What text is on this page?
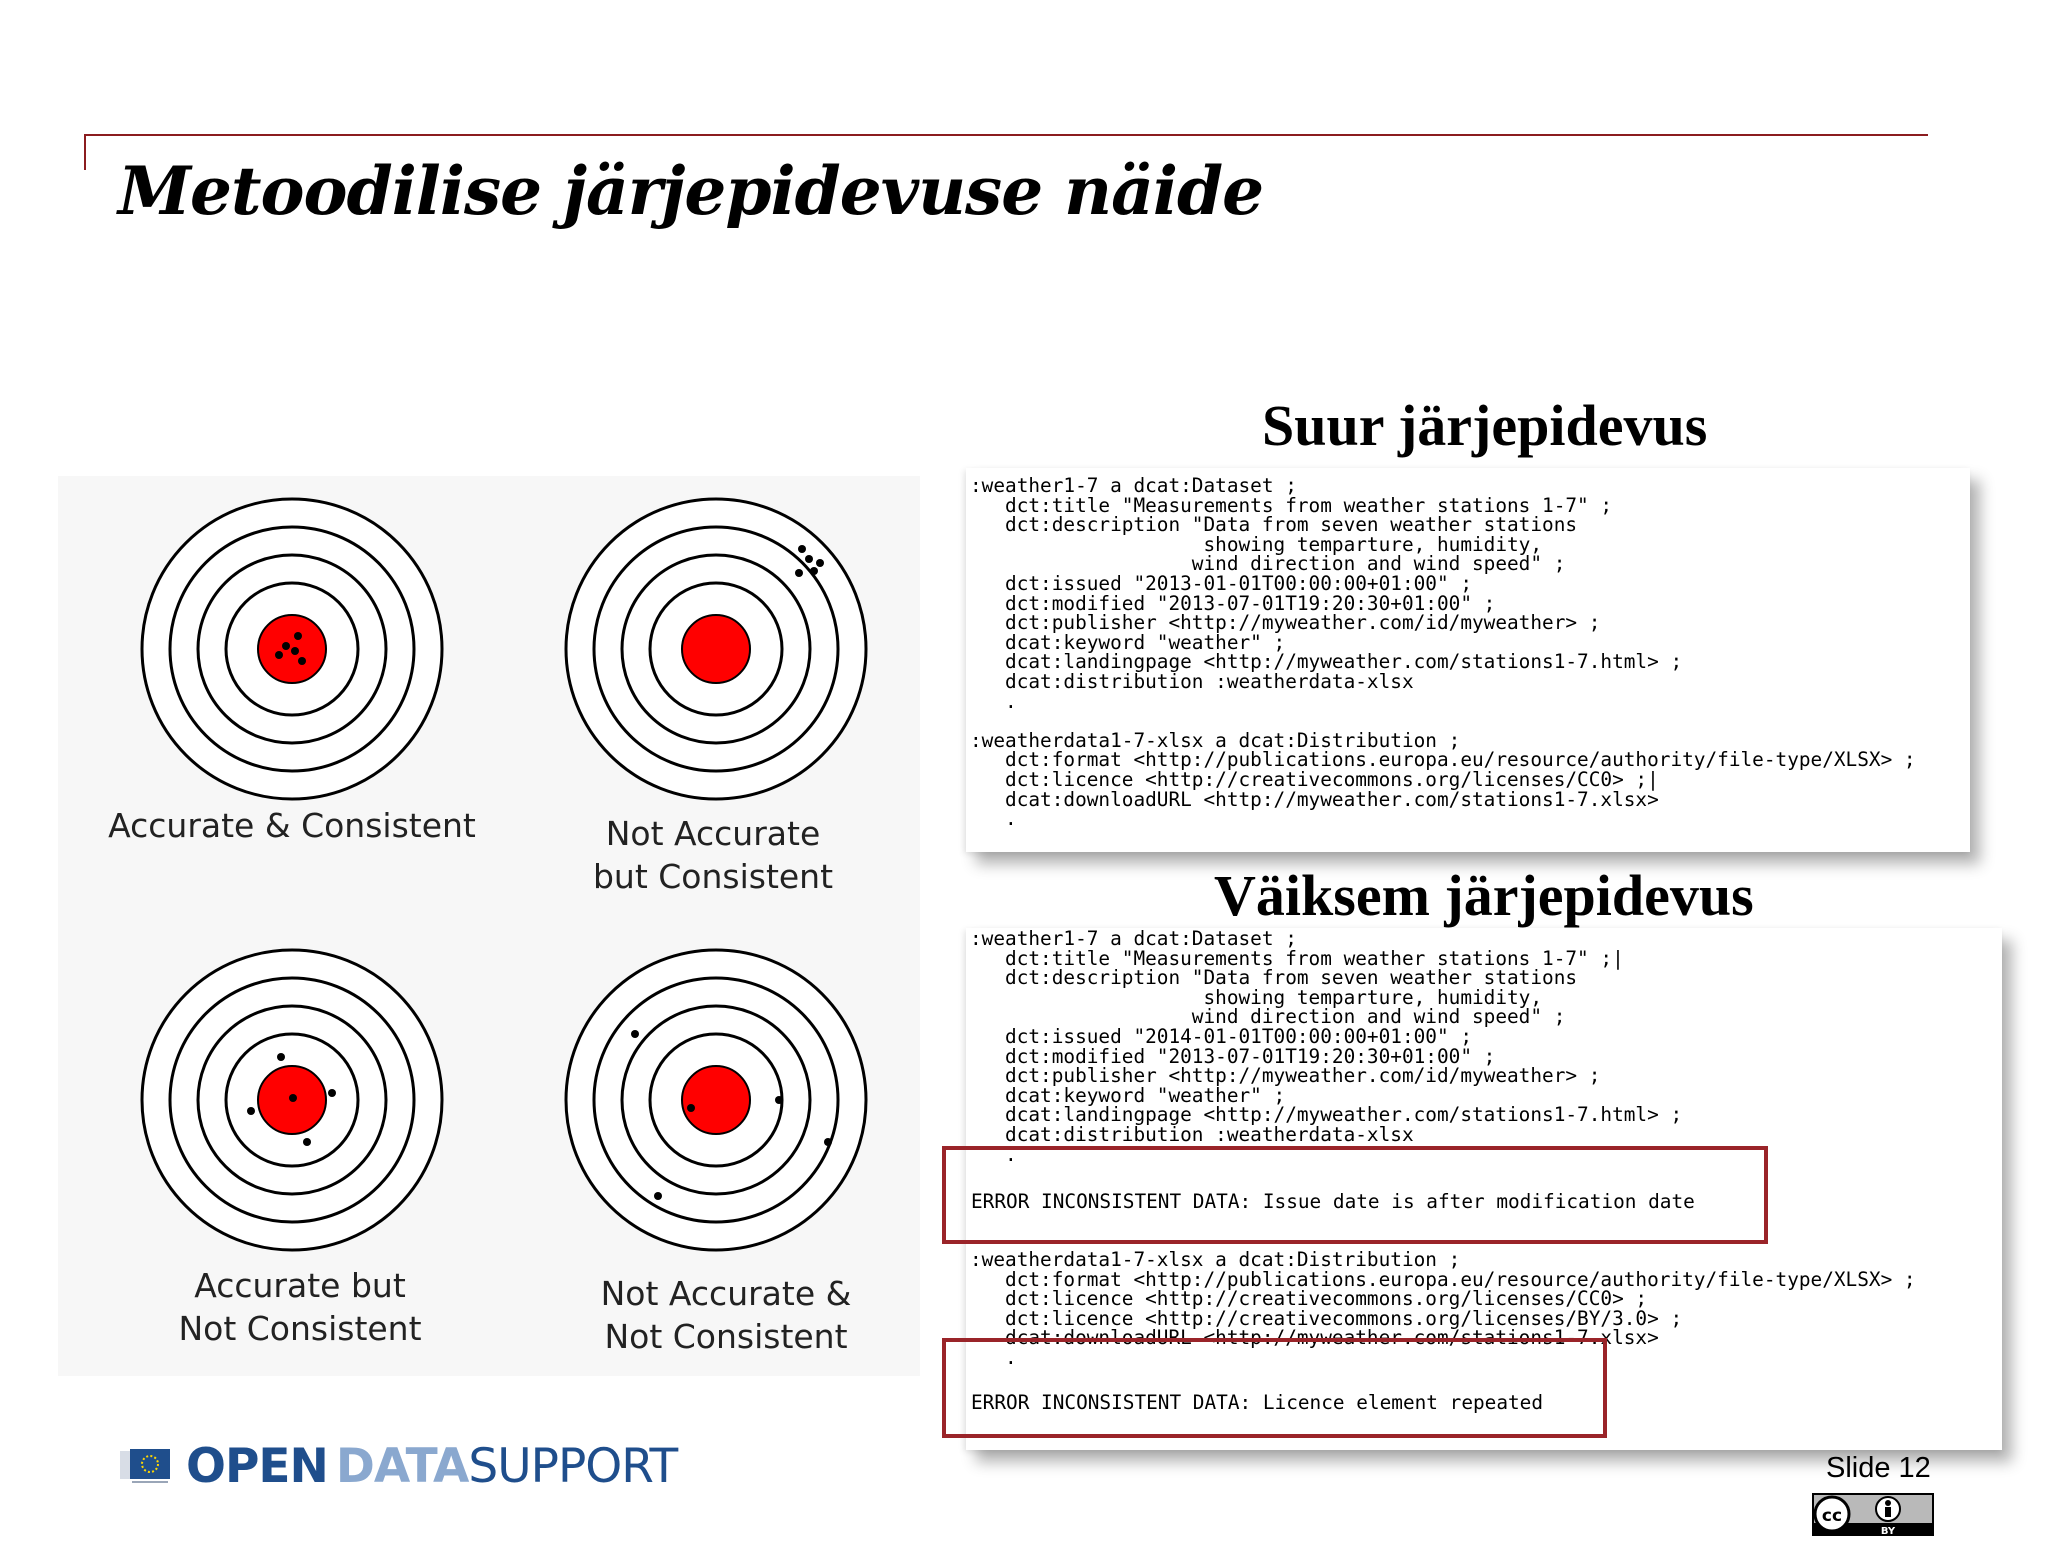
Metoodilise järjepidevuse näide
Accurate & Consistent	Not Accurate
but Consistent
Accurate but
Not Consistent
Not Accurate &
Not Consistent
Suur järjepidevus
:weather1-7 a dcat:Dataset ;
dct:title "Measurements from weather stations 1-7" ;
dct:description "Data from seven weather stations
showing temparture, humidity,
wind direction and wind speed" ;
dct:issued "2013-01-01T00:00:00+01:00" ;
dct:modified "2013-07-01T19:20:30+01:00" ;
dct:publisher <http://myweather.com/id/myweather> ;
dcat:keyword "weather" ;
dcat:landingpage <http://myweather.com/stations1-7.html> ;
dcat:distribution :weatherdata-xlsx
.

:weatherdata1-7-xlsx a dcat:Distribution ;
dct:format <http://publications.europa.eu/resource/authority/file-type/XLSX> ;
dct:licence <http://creativecommons.org/licenses/CC0> ;|
dcat:downloadURL <http://myweather.com/stations1-7.xlsx>
.
Väiksem järjepidevus
:weather1-7 a dcat:Dataset ;
dct:title "Measurements from weather stations 1-7" ;|
dct:description "Data from seven weather stations
showing temparture, humidity,
wind direction and wind speed" ;
dct:issued "2014-01-01T00:00:00+01:00" ;
dct:modified "2013-07-01T19:20:30+01:00" ;
dct:publisher <http://myweather.com/id/myweather> ;
dcat:keyword "weather" ;
dcat:landingpage <http://myweather.com/stations1-7.html> ;
dcat:distribution :weatherdata-xlsx
.
ERROR INCONSISTENT DATA: Issue date is after modification date
:weatherdata1-7-xlsx a dcat:Distribution ;
dct:format <http://publications.europa.eu/resource/authority/file-type/XLSX> ;
dct:licence <http://creativecommons.org/licenses/CC0> ;
dct:licence <http://creativecommons.org/licenses/BY/3.0> ;
dcat:downloadURL <http://myweather.com/stations1-7.xlsx>
.
ERROR INCONSISTENT DATA: Licence element repeated
OPEN DATA SUPPORT	Slide 12
cc
BY
